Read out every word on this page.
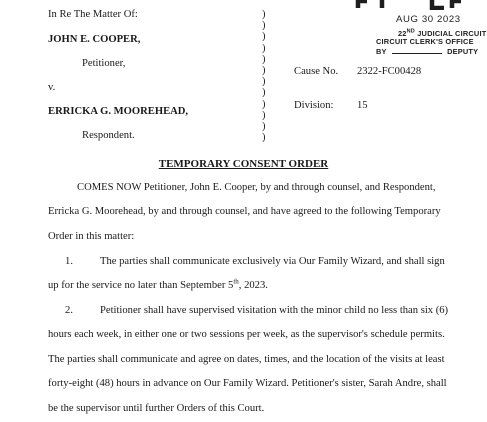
In Re The Matter Of:
JOHN E. COOPER,
Petitioner,
v.
ERRICKA G. MOOREHEAD,
Respondent.
)
)
)
)
)
)
)
)
)
)
)
)
Cause No. 2322-FC00428
Division: 15
AUG 30 2023
22ND JUDICIAL CIRCUIT
CIRCUIT CLERK'S OFFICE
BY	DEPUTY
TEMPORARY CONSENT ORDER
COMES NOW Petitioner, John E. Cooper, by and through counsel, and Respondent,
Erricka G. Moorehead, by and through counsel, and have agreed to the following Temporary
Order in this matter:
1.	The parties shall communicate exclusively via Our Family Wizard, and shall sign
up for the service no later than September 5th, 2023.
2.	Petitioner shall have supervised visitation with the minor child no less than six (6)
hours each week, in either one or two sessions per week, as the supervisor's schedule permits.
The parties shall communicate and agree on dates, times, and the location of the visits at least
forty-eight (48) hours in advance on Our Family Wizard. Petitioner's sister, Sarah Andre, shall
be the supervisor until further Orders of this Court.
